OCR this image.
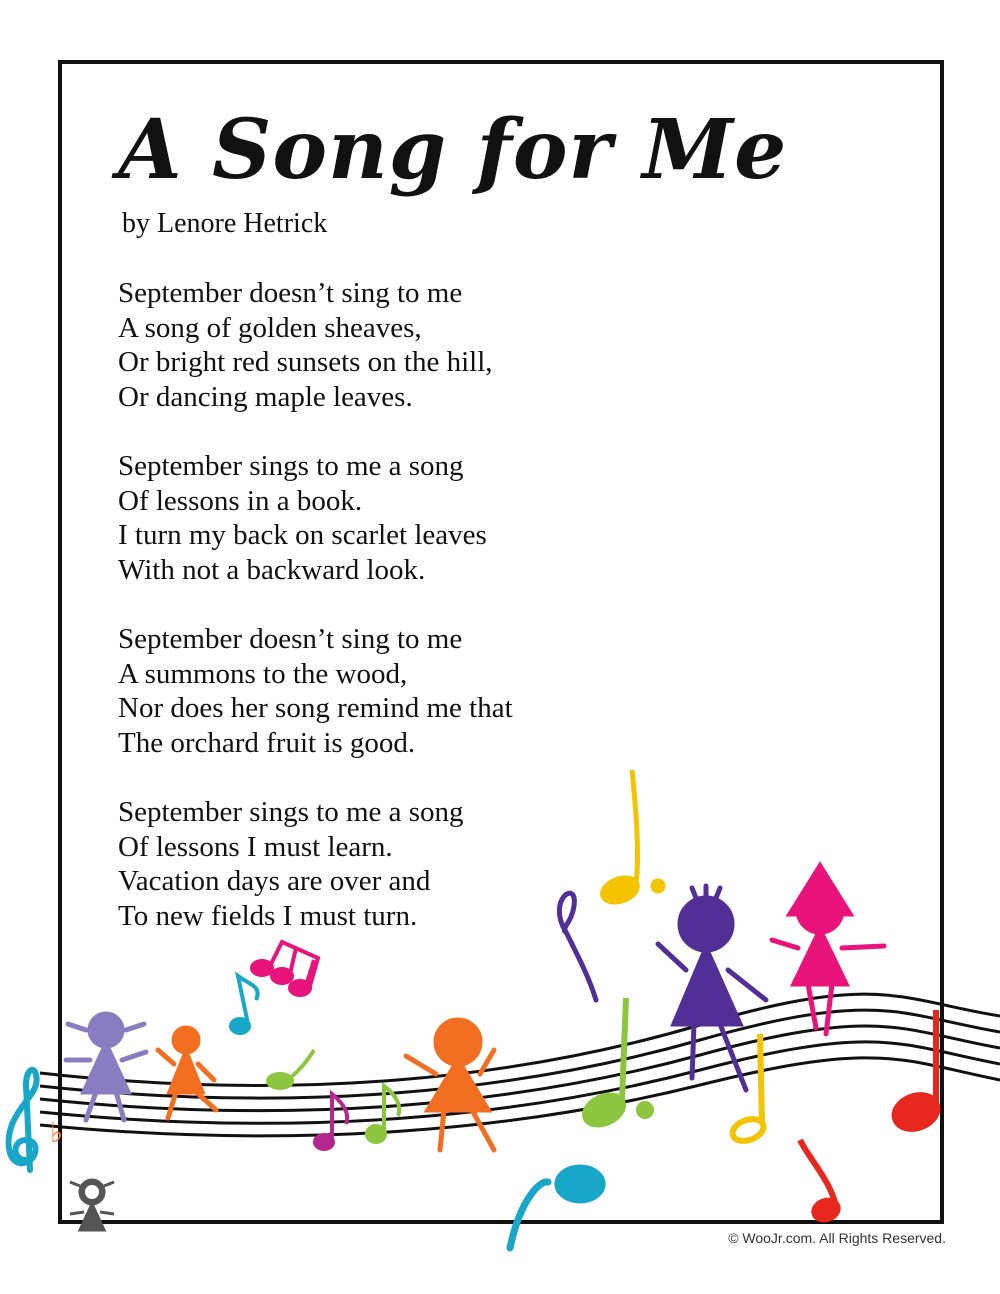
A Song for Me
by Lenore Hetrick
September doesn’t sing to me
A song of golden sheaves,
Or bright red sunsets on the hill,
Or dancing maple leaves.
September sings to me a song
Of lessons in a book.
I turn my back on scarlet leaves
With not a backward look.
September doesn’t sing to me
A summons to the wood,
Nor does her song remind me that
The orchard fruit is good.
September sings to me a song
Of lessons I must learn.
Vacation days are over and
To new fields I must turn.
♭
© WooJr.com. All Rights Reserved.
